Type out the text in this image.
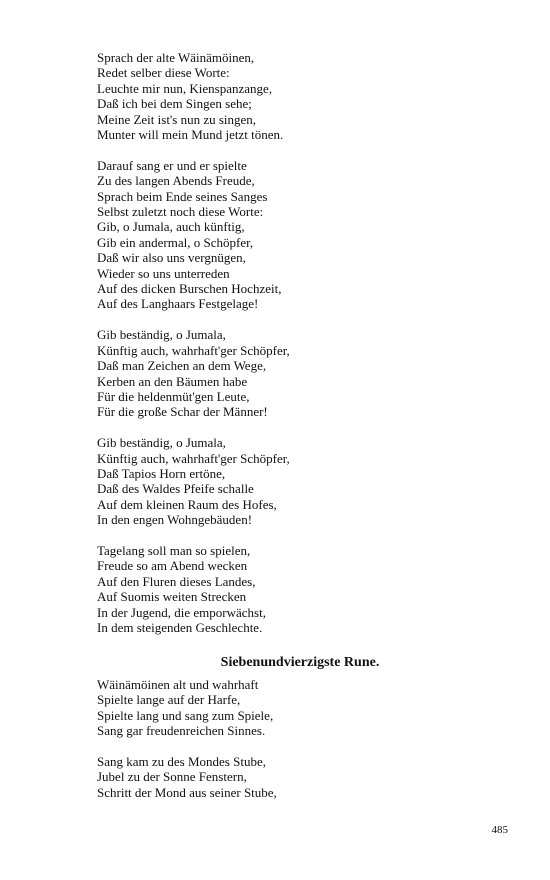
Sprach der alte Wäinämöinen,
Redet selber diese Worte:
Leuchte mir nun, Kienspanzange,
Daß ich bei dem Singen sehe;
Meine Zeit ist's nun zu singen,
Munter will mein Mund jetzt tönen.
Darauf sang er und er spielte
Zu des langen Abends Freude,
Sprach beim Ende seines Sanges
Selbst zuletzt noch diese Worte:
Gib, o Jumala, auch künftig,
Gib ein andermal, o Schöpfer,
Daß wir also uns vergnügen,
Wieder so uns unterreden
Auf des dicken Burschen Hochzeit,
Auf des Langhaars Festgelage!
Gib beständig, o Jumala,
Künftig auch, wahrhaft'ger Schöpfer,
Daß man Zeichen an dem Wege,
Kerben an den Bäumen habe
Für die heldenmüt'gen Leute,
Für die große Schar der Männer!
Gib beständig, o Jumala,
Künftig auch, wahrhaft'ger Schöpfer,
Daß Tapios Horn ertöne,
Daß des Waldes Pfeife schalle
Auf dem kleinen Raum des Hofes,
In den engen Wohngebäuden!
Tagelang soll man so spielen,
Freude so am Abend wecken
Auf den Fluren dieses Landes,
Auf Suomis weiten Strecken
In der Jugend, die emporwächst,
In dem steigenden Geschlechte.
Siebenundvierzigste Rune.
Wäinämöinen alt und wahrhaft
Spielte lange auf der Harfe,
Spielte lang und sang zum Spiele,
Sang gar freudenreichen Sinnes.
Sang kam zu des Mondes Stube,
Jubel zu der Sonne Fenstern,
Schritt der Mond aus seiner Stube,
485
